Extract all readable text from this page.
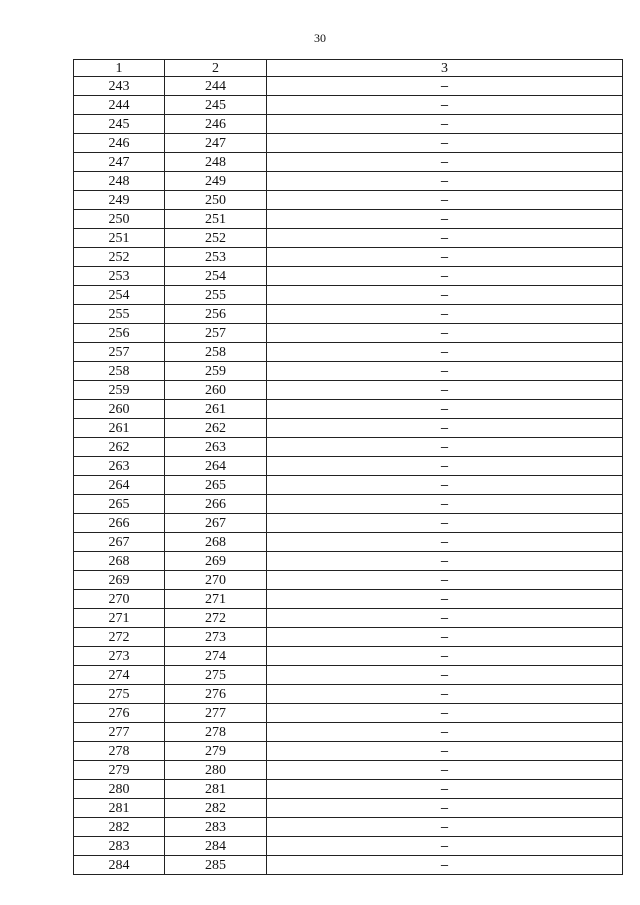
30
1	2	3
243	244	–
244	245	–
245	246	–
246	247	–
247	248	–
248	249	–
249	250	–
250	251	–
251	252	–
252	253	–
253	254	–
254	255	–
255	256	–
256	257	–
257	258	–
258	259	–
259	260	–
260	261	–
261	262	–
262	263	–
263	264	–
264	265	–
265	266	–
266	267	–
267	268	–
268	269	–
269	270	–
270	271	–
271	272	–
272	273	–
273	274	–
274	275	–
275	276	–
276	277	–
277	278	–
278	279	–
279	280	–
280	281	–
281	282	–
282	283	–
283	284	–
284	285	–
